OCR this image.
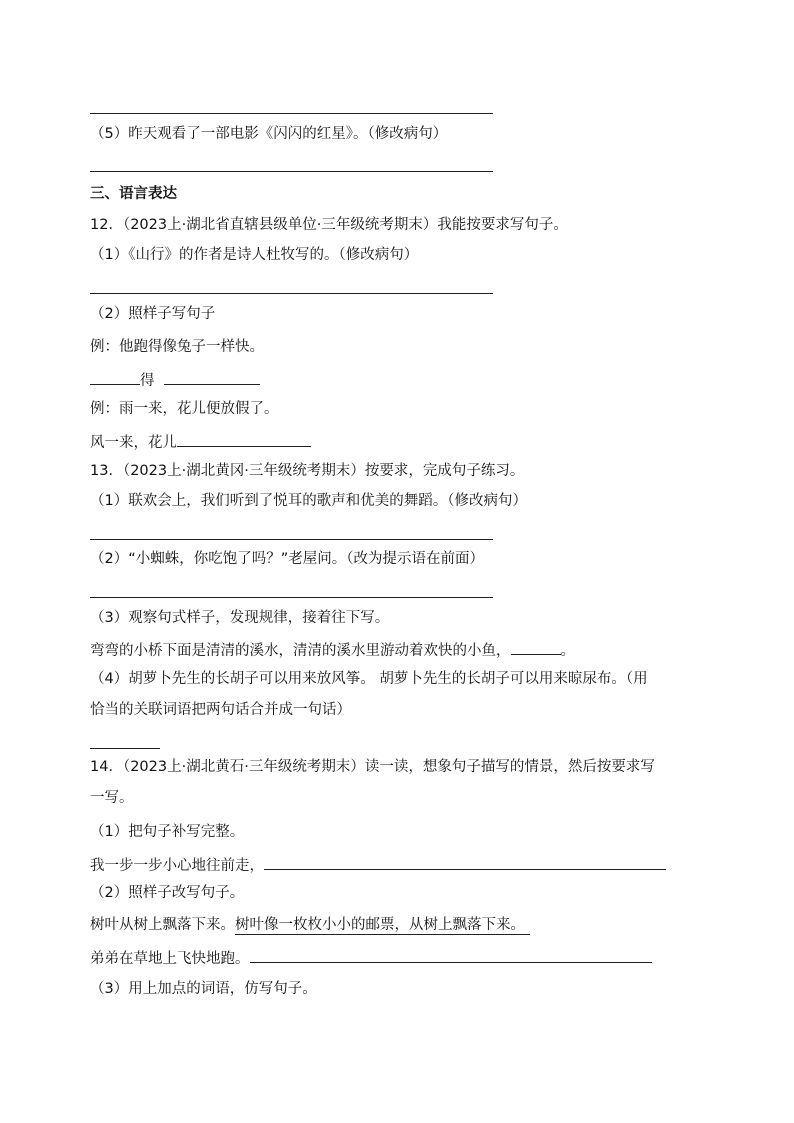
（5）昨天观看了一部电影《闪闪的红星》。（修改病句）
三、语言表达
12．（2023上·湖北省直辖县级单位·三年级统考期末）我能按要求写句子。
（1）《山行》的作者是诗人杜牧写的。（修改病句）
（2）照样子写句子
例：他跑得像兔子一样快。
得
例：雨一来，花儿便放假了。
风一来，花儿
13．（2023上·湖北黄冈·三年级统考期末）按要求，完成句子练习。
（1）联欢会上，我们听到了悦耳的歌声和优美的舞蹈。（修改病句）
（2）“小蜘蛛，你吃饱了吗？”老屋问。（改为提示语在前面）
（3）观察句式样子，发现规律，接着往下写。
弯弯的小桥下面是清清的溪水，清清的溪水里游动着欢快的小鱼，	。
（4）胡萝卜先生的长胡子可以用来放风筝。 胡萝卜先生的长胡子可以用来晾尿布。（用
恰当的关联词语把两句话合并成一句话）
14．（2023上·湖北黄石·三年级统考期末）读一读，想象句子描写的情景，然后按要求写
一写。
（1）把句子补写完整。
我一步一步小心地往前走，
（2）照样子改写句子。
树叶从树上飘落下来。树叶像一枚枚小小的邮票，从树上飘落下来。
弟弟在草地上飞快地跑。
（3）用上加点的词语，仿写句子。
